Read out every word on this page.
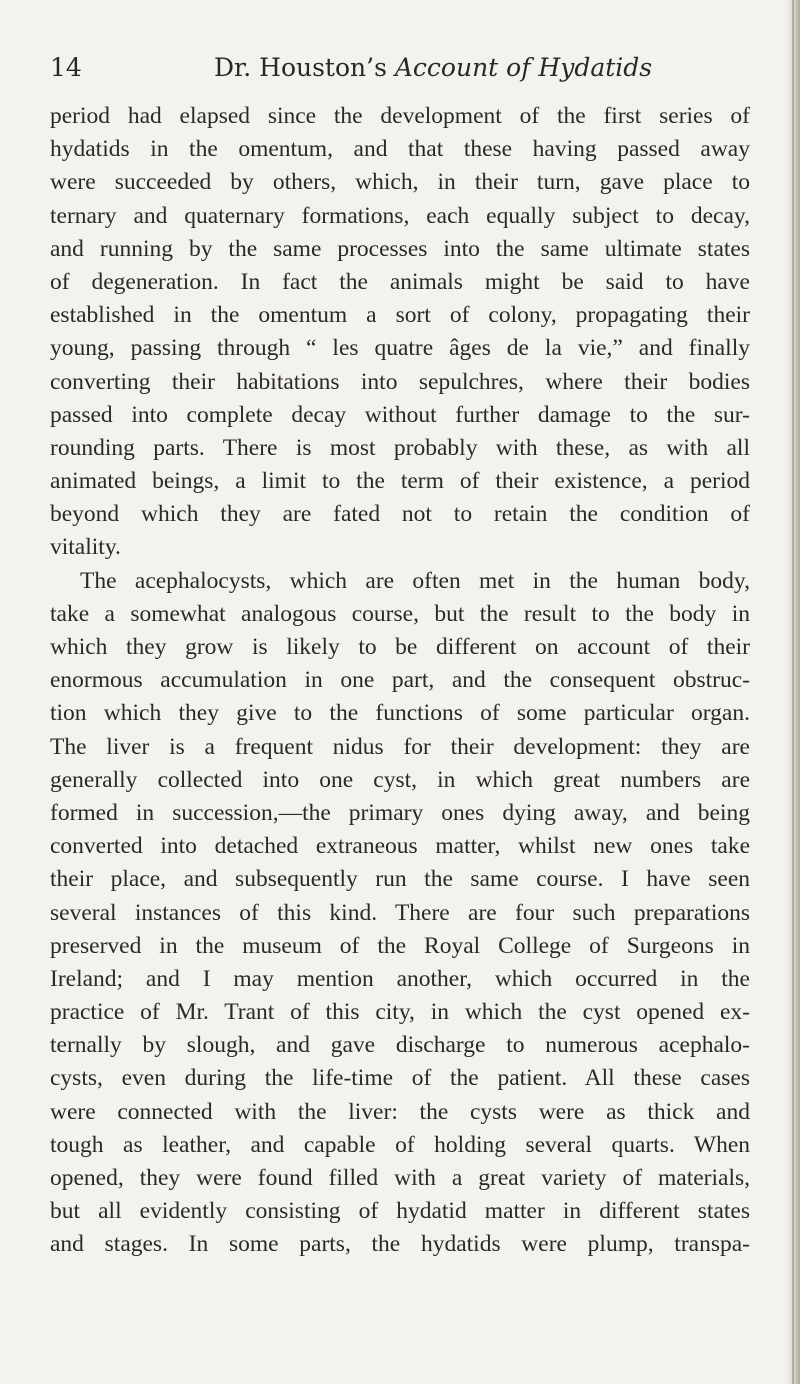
14	Dr. Houston’s Account of Hydatids
period had elapsed since the development of the first series of
hydatids in the omentum, and that these having passed away
were succeeded by others, which, in their turn, gave place to
ternary and quaternary formations, each equally subject to decay,
and running by the same processes into the same ultimate states
of degeneration. In fact the animals might be said to have
established in the omentum a sort of colony, propagating their
young, passing through “ les quatre âges de la vie,” and finally
converting their habitations into sepulchres, where their bodies
passed into complete decay without further damage to the sur-
rounding parts. There is most probably with these, as with all
animated beings, a limit to the term of their existence, a period
beyond which they are fated not to retain the condition of
vitality.
The acephalocysts, which are often met in the human body,
take a somewhat analogous course, but the result to the body in
which they grow is likely to be different on account of their
enormous accumulation in one part, and the consequent obstruc-
tion which they give to the functions of some particular organ.
The liver is a frequent nidus for their development: they are
generally collected into one cyst, in which great numbers are
formed in succession,—the primary ones dying away, and being
converted into detached extraneous matter, whilst new ones take
their place, and subsequently run the same course. I have seen
several instances of this kind. There are four such preparations
preserved in the museum of the Royal College of Surgeons in
Ireland; and I may mention another, which occurred in the
practice of Mr. Trant of this city, in which the cyst opened ex-
ternally by slough, and gave discharge to numerous acephalo-
cysts, even during the life-time of the patient. All these cases
were connected with the liver: the cysts were as thick and
tough as leather, and capable of holding several quarts. When
opened, they were found filled with a great variety of materials,
but all evidently consisting of hydatid matter in different states
and stages. In some parts, the hydatids were plump, transpa-
